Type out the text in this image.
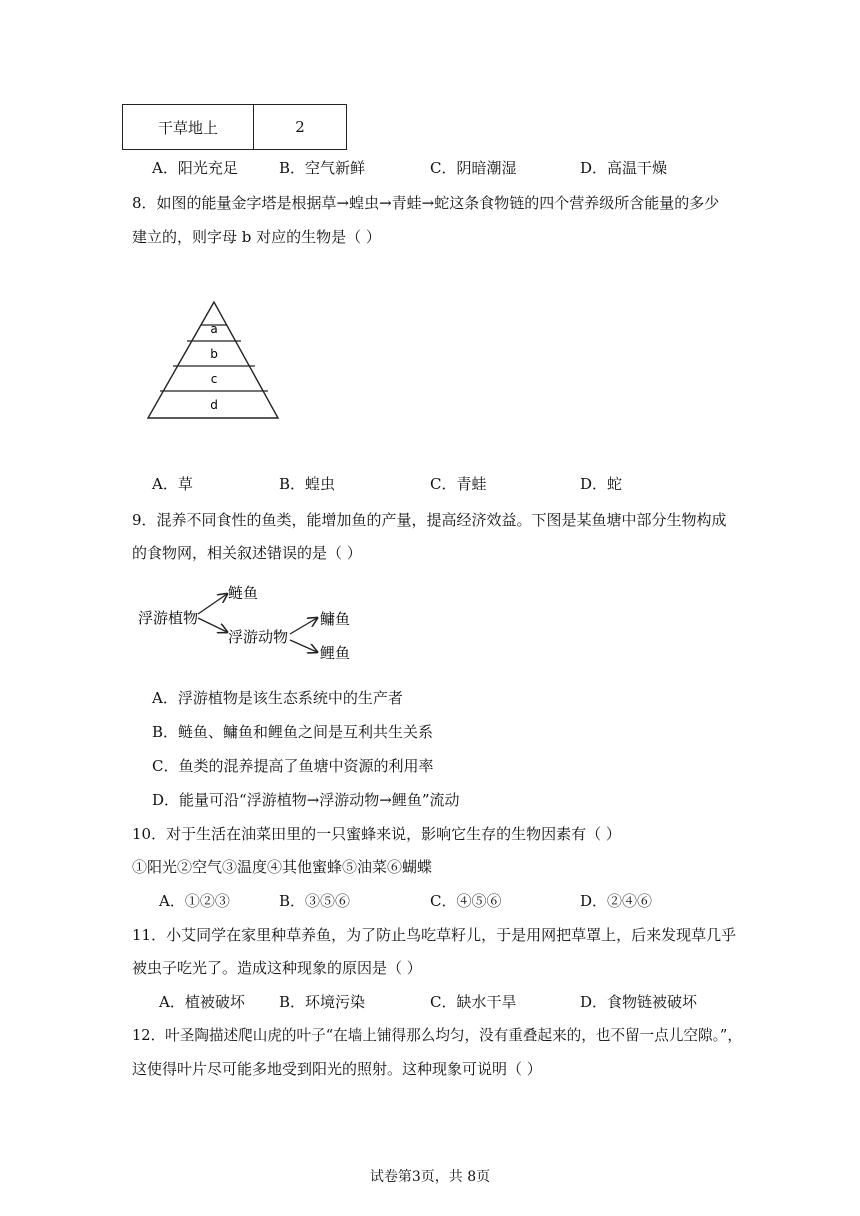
干草地上	2
A．阳光充足	B．空气新鲜	C．阴暗潮湿	D．高温干燥
8．如图的能量金字塔是根据草→蝗虫→青蛙→蛇这条食物链的四个营养级所含能量的多少
建立的，则字母 b 对应的生物是（ ）
a
b
c
d
A．草	B．蝗虫	C．青蛙	D．蛇
9．混养不同食性的鱼类，能增加鱼的产量，提高经济效益。下图是某鱼塘中部分生物构成
的食物网，相关叙述错误的是（ ）
浮游植物
鲢鱼
浮游动物
鳙鱼
鲤鱼
A．浮游植物是该生态系统中的生产者
B．鲢鱼、鳙鱼和鲤鱼之间是互利共生关系
C．鱼类的混养提高了鱼塘中资源的利用率
D．能量可沿“浮游植物→浮游动物→鲤鱼”流动
10．对于生活在油菜田里的一只蜜蜂来说，影响它生存的生物因素有（ ）
①阳光②空气③温度④其他蜜蜂⑤油菜⑥蝴蝶
A．①②③	B．③⑤⑥	C．④⑤⑥	D．②④⑥
11．小艾同学在家里种草养鱼，为了防止鸟吃草籽儿，于是用网把草罩上，后来发现草几乎
被虫子吃光了。造成这种现象的原因是（ ）
A．植被破坏 B．环境污染	C．缺水干旱	D．食物链被破坏
12．叶圣陶描述爬山虎的叶子“在墙上铺得那么均匀，没有重叠起来的，也不留一点儿空隙。”，
这使得叶片尽可能多地受到阳光的照射。这种现象可说明（ ）
试卷第3页，共 8页
